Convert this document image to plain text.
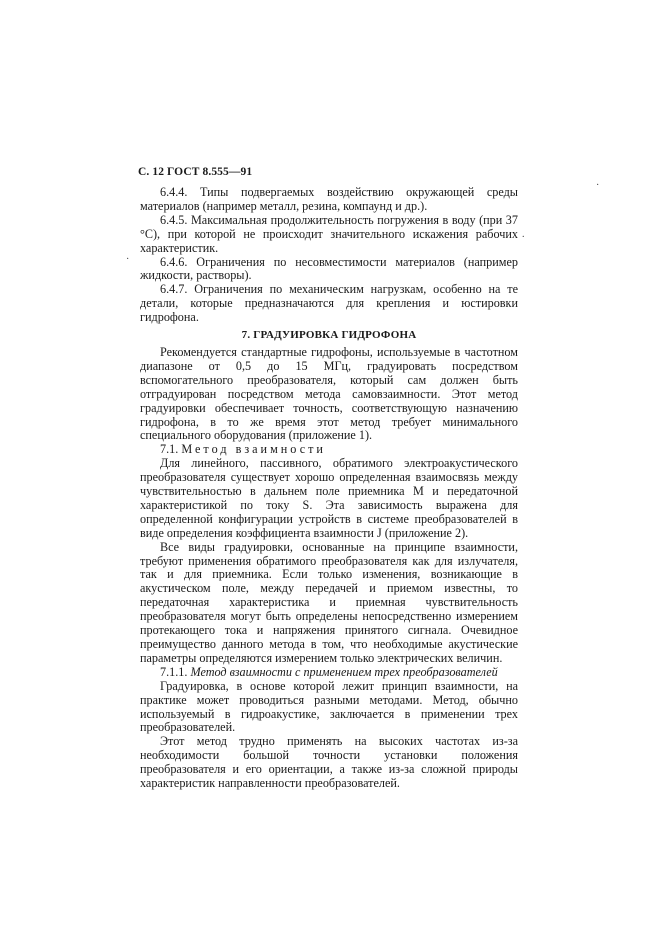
С. 12 ГОСТ 8.555—91
·
·
.

6.4.4. Типы подвергаемых воздействию окружающей среды материалов (например металл, резина, компаунд и др.).

6.4.5. Максимальная продолжительность погружения в воду (при 37 °С), при которой не происходит значительного искажения рабочих характеристик.

6.4.6. Ограничения по несовместимости материалов (например жидкости, растворы).

6.4.7. Ограничения по механическим нагрузкам, особенно на те детали, которые предназначаются для крепления и юстировки гидрофона.

7. ГРАДУИРОВКА ГИДРОФОНА

Рекомендуется стандартные гидрофоны, используемые в частотном диапазоне от 0,5 до 15 МГц, градуировать посредством вспомогательного преобразователя, который сам должен быть отградуирован посредством метода самовзаимности. Этот метод градуировки обеспечивает точность, соответствующую назначению гидрофона, в то же время этот метод требует минимального специального оборудования (приложение 1).

7.1. Метод взаимности

Для линейного, пассивного, обратимого электроакустического преобразователя существует хорошо определенная взаимосвязь между чувствительностью в дальнем поле приемника M и передаточной характеристикой по току S. Эта зависимость выражена для определенной конфигурации устройств в системе преобразователей в виде определения коэффициента взаимности J (приложение 2).

Все виды градуировки, основанные на принципе взаимности, требуют применения обратимого преобразователя как для излучателя, так и для приемника. Если только изменения, возникающие в акустическом поле, между передачей и приемом известны, то передаточная характеристика и приемная чувствительность преобразователя могут быть определены непосредственно измерением протекающего тока и напряжения принятого сигнала. Очевидное преимущество данного метода в том, что необходимые акустические параметры определяются измерением только электрических величин.

7.1.1. Метод взаимности с применением трех преобразователей

Градуировка, в основе которой лежит принцип взаимности, на практике может проводиться разными методами. Метод, обычно используемый в гидроакустике, заключается в применении трех преобразователей.

Этот метод трудно применять на высоких частотах из-за необходимости большой точности установки положения преобразователя и его ориентации, а также из-за сложной природы характеристик направленности преобразователей.
